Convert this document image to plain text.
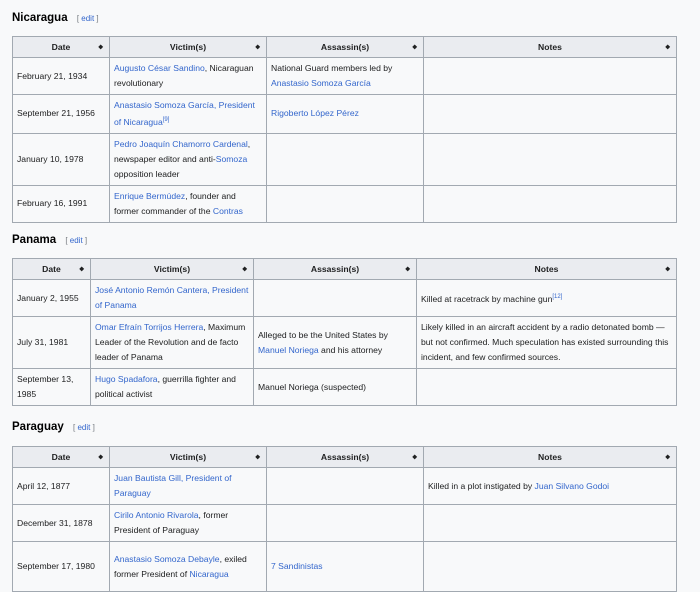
Nicaragua [ edit ]
Date ◆	Victim(s) ◆	Assassin(s) ◆	Notes ◆

February 21, 1934	Augusto César Sandino, Nicaraguan revolutionary	National Guard members led by Anastasio Somoza García	
September 21, 1956	Anastasio Somoza García, President of Nicaragua[9]	Rigoberto López Pérez	
January 10, 1978	Pedro Joaquín Chamorro Cardenal, newspaper editor and anti-Somoza opposition leader		
February 16, 1991	Enrique Bermúdez, founder and former commander of the Contras		
Panama [ edit ]
Date ◆	Victim(s) ◆	Assassin(s) ◆	Notes ◆

January 2, 1955	José Antonio Remón Cantera, President of Panama		Killed at racetrack by machine gun[12]
July 31, 1981	Omar Efraín Torrijos Herrera, Maximum Leader of the Revolution and de facto leader of Panama	Alleged to be the United States by Manuel Noriega and his attorney	Likely killed in an aircraft accident by a radio detonated bomb — but not confirmed. Much speculation has existed surrounding this incident, and few confirmed sources.
September 13, 1985	Hugo Spadafora, guerrilla fighter and political activist	Manuel Noriega (suspected)	
Paraguay [ edit ]
Date ◆	Victim(s) ◆	Assassin(s) ◆	Notes ◆

April 12, 1877	Juan Bautista Gill, President of Paraguay		Killed in a plot instigated by Juan Silvano Godoi
December 31, 1878	Cirilo Antonio Rivarola, former President of Paraguay		
September 17, 1980	Anastasio Somoza Debayle, exiled former President of Nicaragua	7 Sandinistas	
